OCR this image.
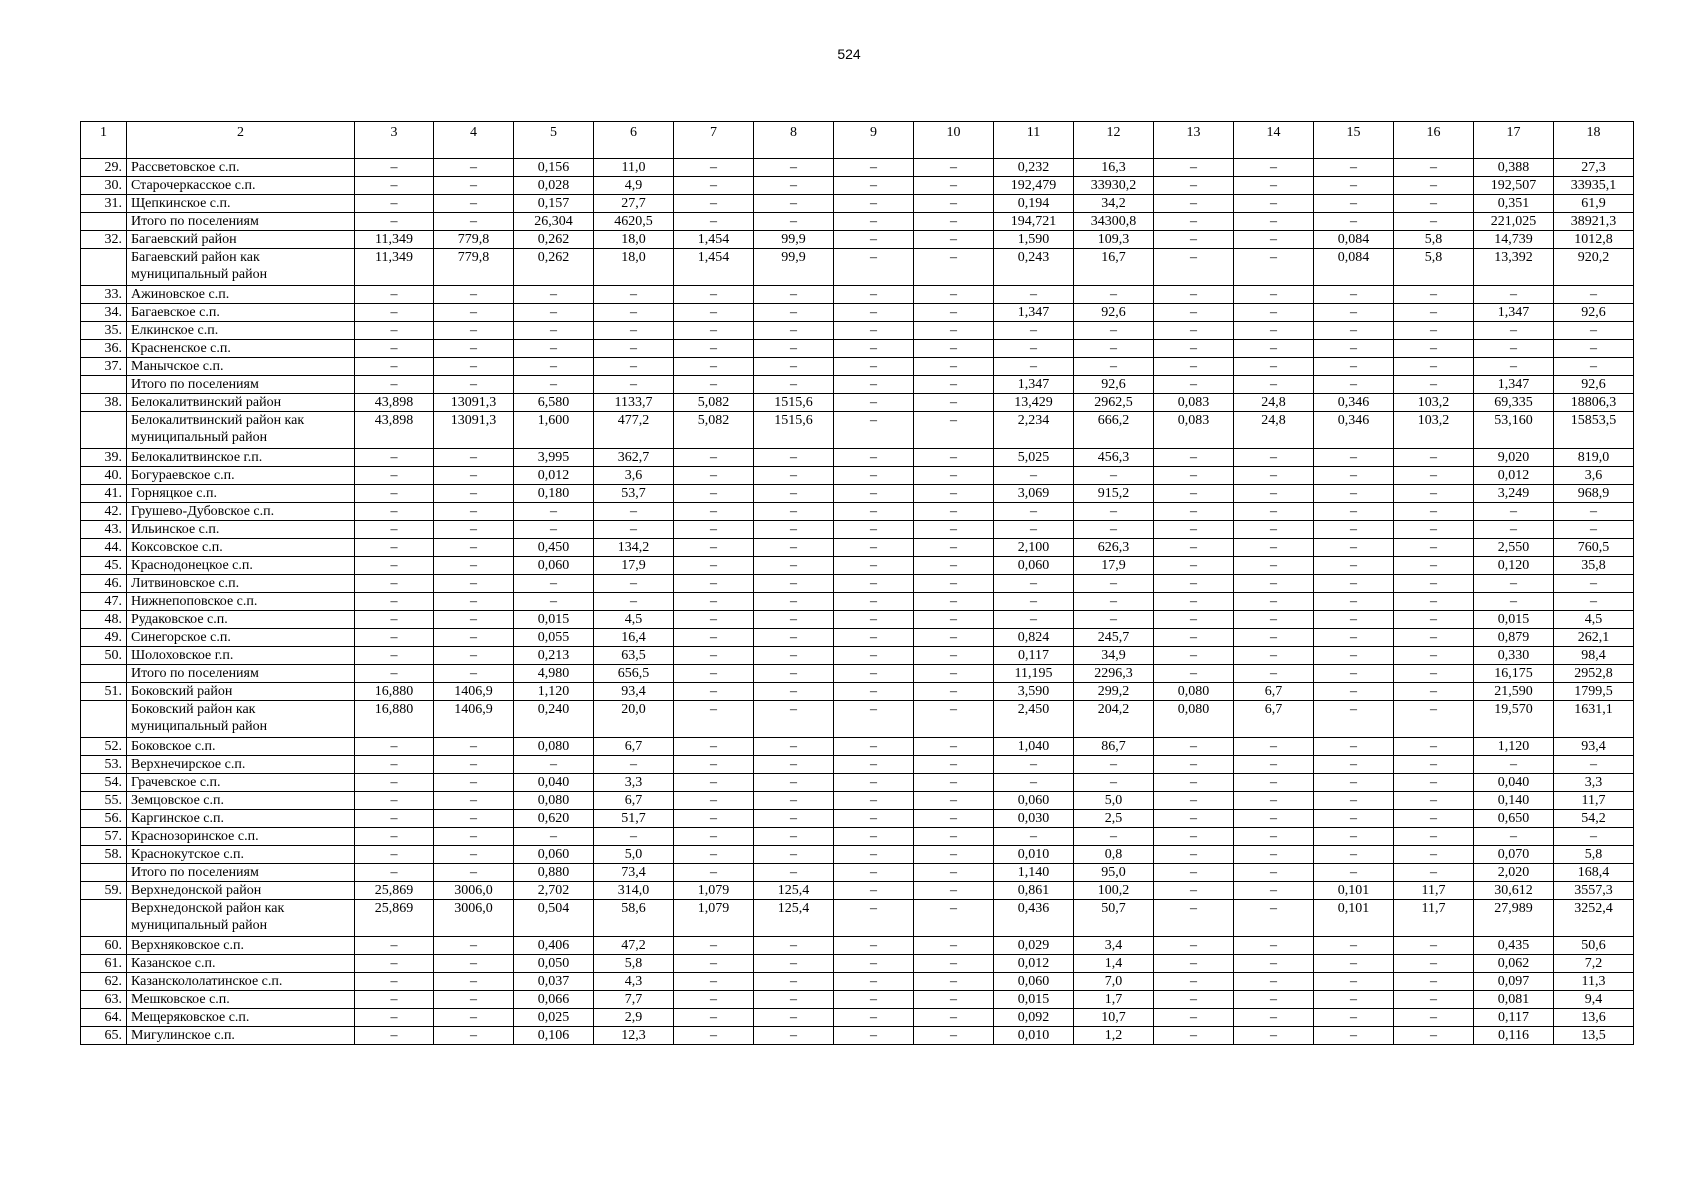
524
1	2	3	4	5	6	7	8	9	10	11	12	13	14	15	16	17	18
29.	Рассветовское с.п.	–	–	0,156	11,0	–	–	–	–	0,232	16,3	–	–	–	–	0,388	27,3
30.	Старочеркасское с.п.	–	–	0,028	4,9	–	–	–	–	192,479	33930,2	–	–	–	–	192,507	33935,1
31.	Щепкинское с.п.	–	–	0,157	27,7	–	–	–	–	0,194	34,2	–	–	–	–	0,351	61,9
	Итого по поселениям	–	–	26,304	4620,5	–	–	–	–	194,721	34300,8	–	–	–	–	221,025	38921,3
32.	Багаевский район	11,349	779,8	0,262	18,0	1,454	99,9	–	–	1,590	109,3	–	–	0,084	5,8	14,739	1012,8
	Багаевский район как муниципальный район	11,349	779,8	0,262	18,0	1,454	99,9	–	–	0,243	16,7	–	–	0,084	5,8	13,392	920,2
33.	Ажиновское с.п.	–	–	–	–	–	–	–	–	–	–	–	–	–	–	–	–
34.	Багаевское с.п.	–	–	–	–	–	–	–	–	1,347	92,6	–	–	–	–	1,347	92,6
35.	Елкинское с.п.	–	–	–	–	–	–	–	–	–	–	–	–	–	–	–	–
36.	Красненское с.п.	–	–	–	–	–	–	–	–	–	–	–	–	–	–	–	–
37.	Манычское с.п.	–	–	–	–	–	–	–	–	–	–	–	–	–	–	–	–
	Итого по поселениям	–	–	–	–	–	–	–	–	1,347	92,6	–	–	–	–	1,347	92,6
38.	Белокалитвинский район	43,898	13091,3	6,580	1133,7	5,082	1515,6	–	–	13,429	2962,5	0,083	24,8	0,346	103,2	69,335	18806,3
	Белокалитвинский район как муниципальный район	43,898	13091,3	1,600	477,2	5,082	1515,6	–	–	2,234	666,2	0,083	24,8	0,346	103,2	53,160	15853,5
39.	Белокалитвинское г.п.	–	–	3,995	362,7	–	–	–	–	5,025	456,3	–	–	–	–	9,020	819,0
40.	Богураевское с.п.	–	–	0,012	3,6	–	–	–	–	–	–	–	–	–	–	0,012	3,6
41.	Горняцкое с.п.	–	–	0,180	53,7	–	–	–	–	3,069	915,2	–	–	–	–	3,249	968,9
42.	Грушево-Дубовское с.п.	–	–	–	–	–	–	–	–	–	–	–	–	–	–	–	–
43.	Ильинское с.п.	–	–	–	–	–	–	–	–	–	–	–	–	–	–	–	–
44.	Коксовское с.п.	–	–	0,450	134,2	–	–	–	–	2,100	626,3	–	–	–	–	2,550	760,5
45.	Краснодонецкое с.п.	–	–	0,060	17,9	–	–	–	–	0,060	17,9	–	–	–	–	0,120	35,8
46.	Литвиновское с.п.	–	–	–	–	–	–	–	–	–	–	–	–	–	–	–	–
47.	Нижнепоповское с.п.	–	–	–	–	–	–	–	–	–	–	–	–	–	–	–	–
48.	Рудаковское с.п.	–	–	0,015	4,5	–	–	–	–	–	–	–	–	–	–	0,015	4,5
49.	Синегорское с.п.	–	–	0,055	16,4	–	–	–	–	0,824	245,7	–	–	–	–	0,879	262,1
50.	Шолоховское г.п.	–	–	0,213	63,5	–	–	–	–	0,117	34,9	–	–	–	–	0,330	98,4
	Итого по поселениям	–	–	4,980	656,5	–	–	–	–	11,195	2296,3	–	–	–	–	16,175	2952,8
51.	Боковский район	16,880	1406,9	1,120	93,4	–	–	–	–	3,590	299,2	0,080	6,7	–	–	21,590	1799,5
	Боковский район как муниципальный район	16,880	1406,9	0,240	20,0	–	–	–	–	2,450	204,2	0,080	6,7	–	–	19,570	1631,1
52.	Боковское с.п.	–	–	0,080	6,7	–	–	–	–	1,040	86,7	–	–	–	–	1,120	93,4
53.	Верхнечирское с.п.	–	–	–	–	–	–	–	–	–	–	–	–	–	–	–	–
54.	Грачевское с.п.	–	–	0,040	3,3	–	–	–	–	–	–	–	–	–	–	0,040	3,3
55.	Земцовское с.п.	–	–	0,080	6,7	–	–	–	–	0,060	5,0	–	–	–	–	0,140	11,7
56.	Каргинское с.п.	–	–	0,620	51,7	–	–	–	–	0,030	2,5	–	–	–	–	0,650	54,2
57.	Краснозоринское с.п.	–	–	–	–	–	–	–	–	–	–	–	–	–	–	–	–
58.	Краснокутское с.п.	–	–	0,060	5,0	–	–	–	–	0,010	0,8	–	–	–	–	0,070	5,8
	Итого по поселениям	–	–	0,880	73,4	–	–	–	–	1,140	95,0	–	–	–	–	2,020	168,4
59.	Верхнедонской район	25,869	3006,0	2,702	314,0	1,079	125,4	–	–	0,861	100,2	–	–	0,101	11,7	30,612	3557,3
	Верхнедонской район как муниципальный район	25,869	3006,0	0,504	58,6	1,079	125,4	–	–	0,436	50,7	–	–	0,101	11,7	27,989	3252,4
60.	Верхняковское с.п.	–	–	0,406	47,2	–	–	–	–	0,029	3,4	–	–	–	–	0,435	50,6
61.	Казанское с.п.	–	–	0,050	5,8	–	–	–	–	0,012	1,4	–	–	–	–	0,062	7,2
62.	Казанскололатинское с.п.	–	–	0,037	4,3	–	–	–	–	0,060	7,0	–	–	–	–	0,097	11,3
63.	Мешковское с.п.	–	–	0,066	7,7	–	–	–	–	0,015	1,7	–	–	–	–	0,081	9,4
64.	Мещеряковское с.п.	–	–	0,025	2,9	–	–	–	–	0,092	10,7	–	–	–	–	0,117	13,6
65.	Мигулинское с.п.	–	–	0,106	12,3	–	–	–	–	0,010	1,2	–	–	–	–	0,116	13,5
